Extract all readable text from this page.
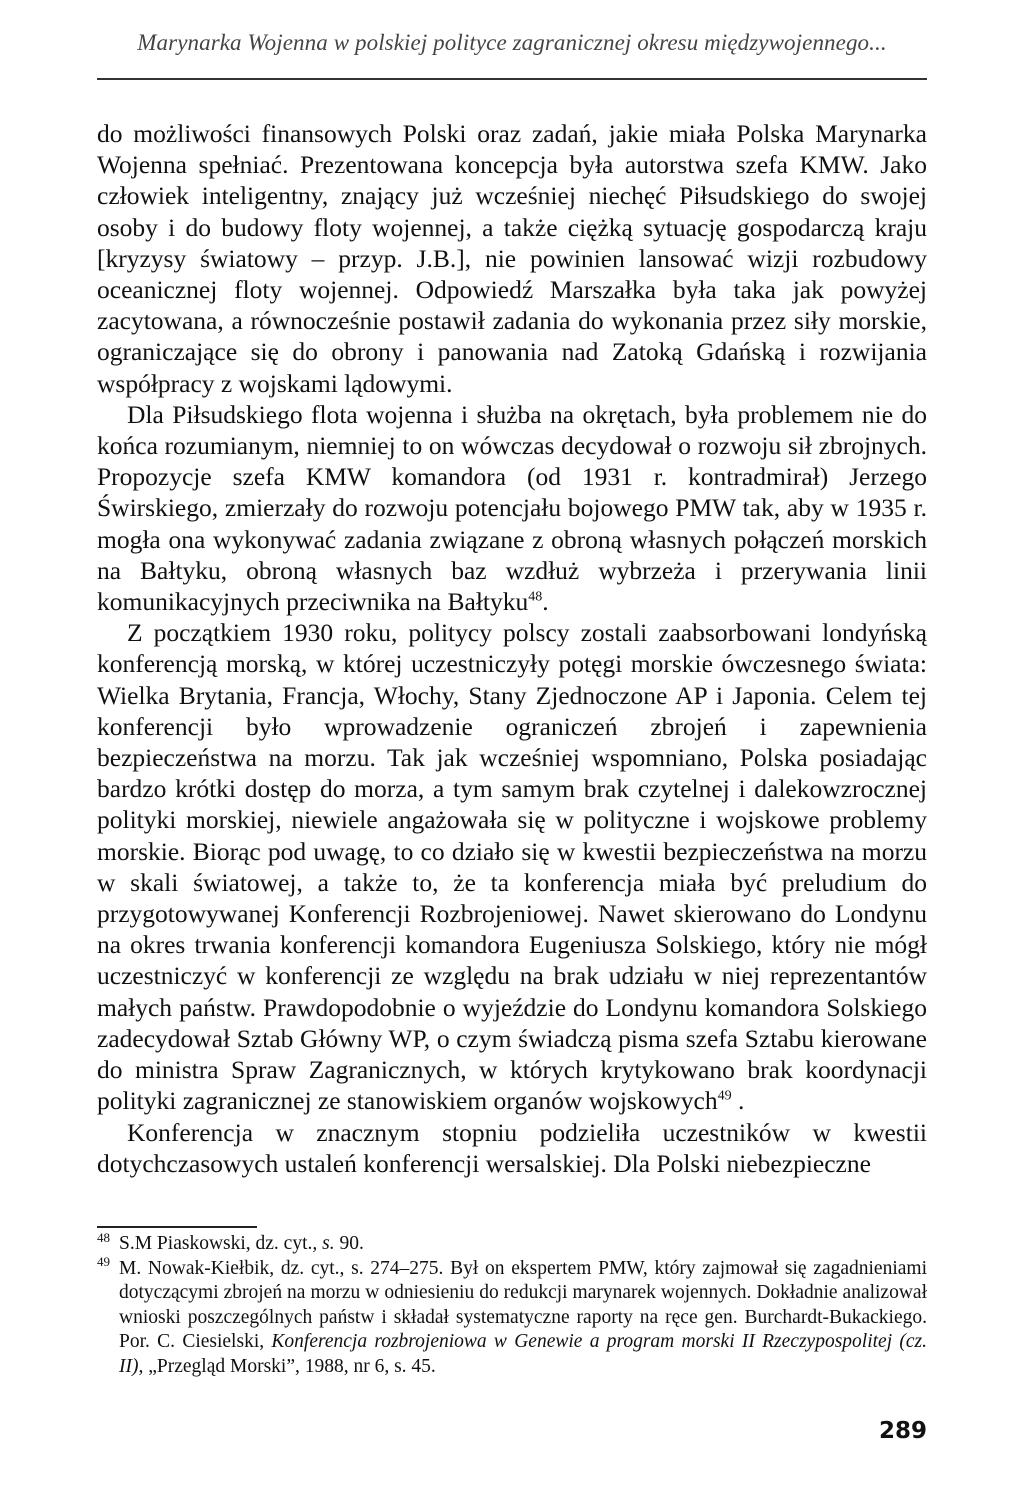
Marynarka Wojenna w polskiej polityce zagranicznej okresu międzywojennego...

do możliwości finansowych Polski oraz zadań, jakie miała Polska Marynarka Wojenna spełniać. Prezentowana koncepcja była autorstwa szefa KMW. Jako człowiek inteligentny, znający już wcześniej niechęć Piłsudskiego do swojej osoby i do budowy floty wojennej, a także ciężką sytuację gospodarczą kraju [kryzysy światowy – przyp. J.B.], nie powinien lansować wizji rozbudowy oceanicznej floty wojennej. Odpowiedź Marszałka była taka jak powyżej zacytowana, a równocześnie postawił zadania do wykonania przez siły morskie, ograniczające się do obrony i panowania nad Zatoką Gdańską i rozwijania współpracy z wojskami lądowymi.

Dla Piłsudskiego flota wojenna i służba na okrętach, była problemem nie do końca rozumianym, niemniej to on wówczas decydował o rozwoju sił zbrojnych. Propozycje szefa KMW komandora (od 1931 r. kontradmirał) Jerzego Świrskiego, zmierzały do rozwoju potencjału bojowego PMW tak, aby w 1935 r. mogła ona wykonywać zadania związane z obroną własnych połączeń morskich na Bałtyku, obroną własnych baz wzdłuż wybrzeża i przerywania linii komunikacyjnych przeciwnika na Bałtyku$^{48}$.

Z początkiem 1930 roku, politycy polscy zostali zaabsorbowani londyńską konferencją morską, w której uczestniczyły potęgi morskie ówczesnego świata: Wielka Brytania, Francja, Włochy, Stany Zjednoczone AP i Japonia. Celem tej konferencji było wprowadzenie ograniczeń zbrojeń i zapewnienia bezpieczeństwa na morzu. Tak jak wcześniej wspomniano, Polska posiadając bardzo krótki dostęp do morza, a tym samym brak czytelnej i dalekowzrocznej polityki morskiej, niewiele angażowała się w polityczne i wojskowe problemy morskie. Biorąc pod uwagę, to co działo się w kwestii bezpieczeństwa na morzu w skali światowej, a także to, że ta konferencja miała być preludium do przygotowywanej Konferencji Rozbrojeniowej. Nawet skierowano do Londynu na okres trwania konferencji komandora Eugeniusza Solskiego, który nie mógł uczestniczyć w konferencji ze względu na brak udziału w niej reprezentantów małych państw. Prawdopodobnie o wyjeździe do Londynu komandora Solskiego zadecydował Sztab Główny WP, o czym świadczą pisma szefa Sztabu kierowane do ministra Spraw Zagranicznych, w których krytykowano brak koordynacji polityki zagranicznej ze stanowiskiem organów wojskowych$^{49}$ .

Konferencja w znacznym stopniu podzieliła uczestników w kwestii dotychczasowych ustaleń konferencji wersalskiej. Dla Polski niebezpieczne

48 S.M Piaskowski, dz. cyt., s. 90.

49 M. Nowak-Kiełbik, dz. cyt., s. 274–275. Był on ekspertem PMW, który zajmował się zagadnieniami dotyczącymi zbrojeń na morzu w odniesieniu do redukcji marynarek wojennych. Dokładnie analizował wnioski poszczególnych państw i składał systematyczne raporty na ręce gen. Burchardt-Bukackiego. Por. C. Ciesielski, Konferencja rozbrojeniowa w Genewie a program morski II Rzeczypospolitej (cz. II), „Przegląd Morski”, 1988, nr 6, s. 45.

289
